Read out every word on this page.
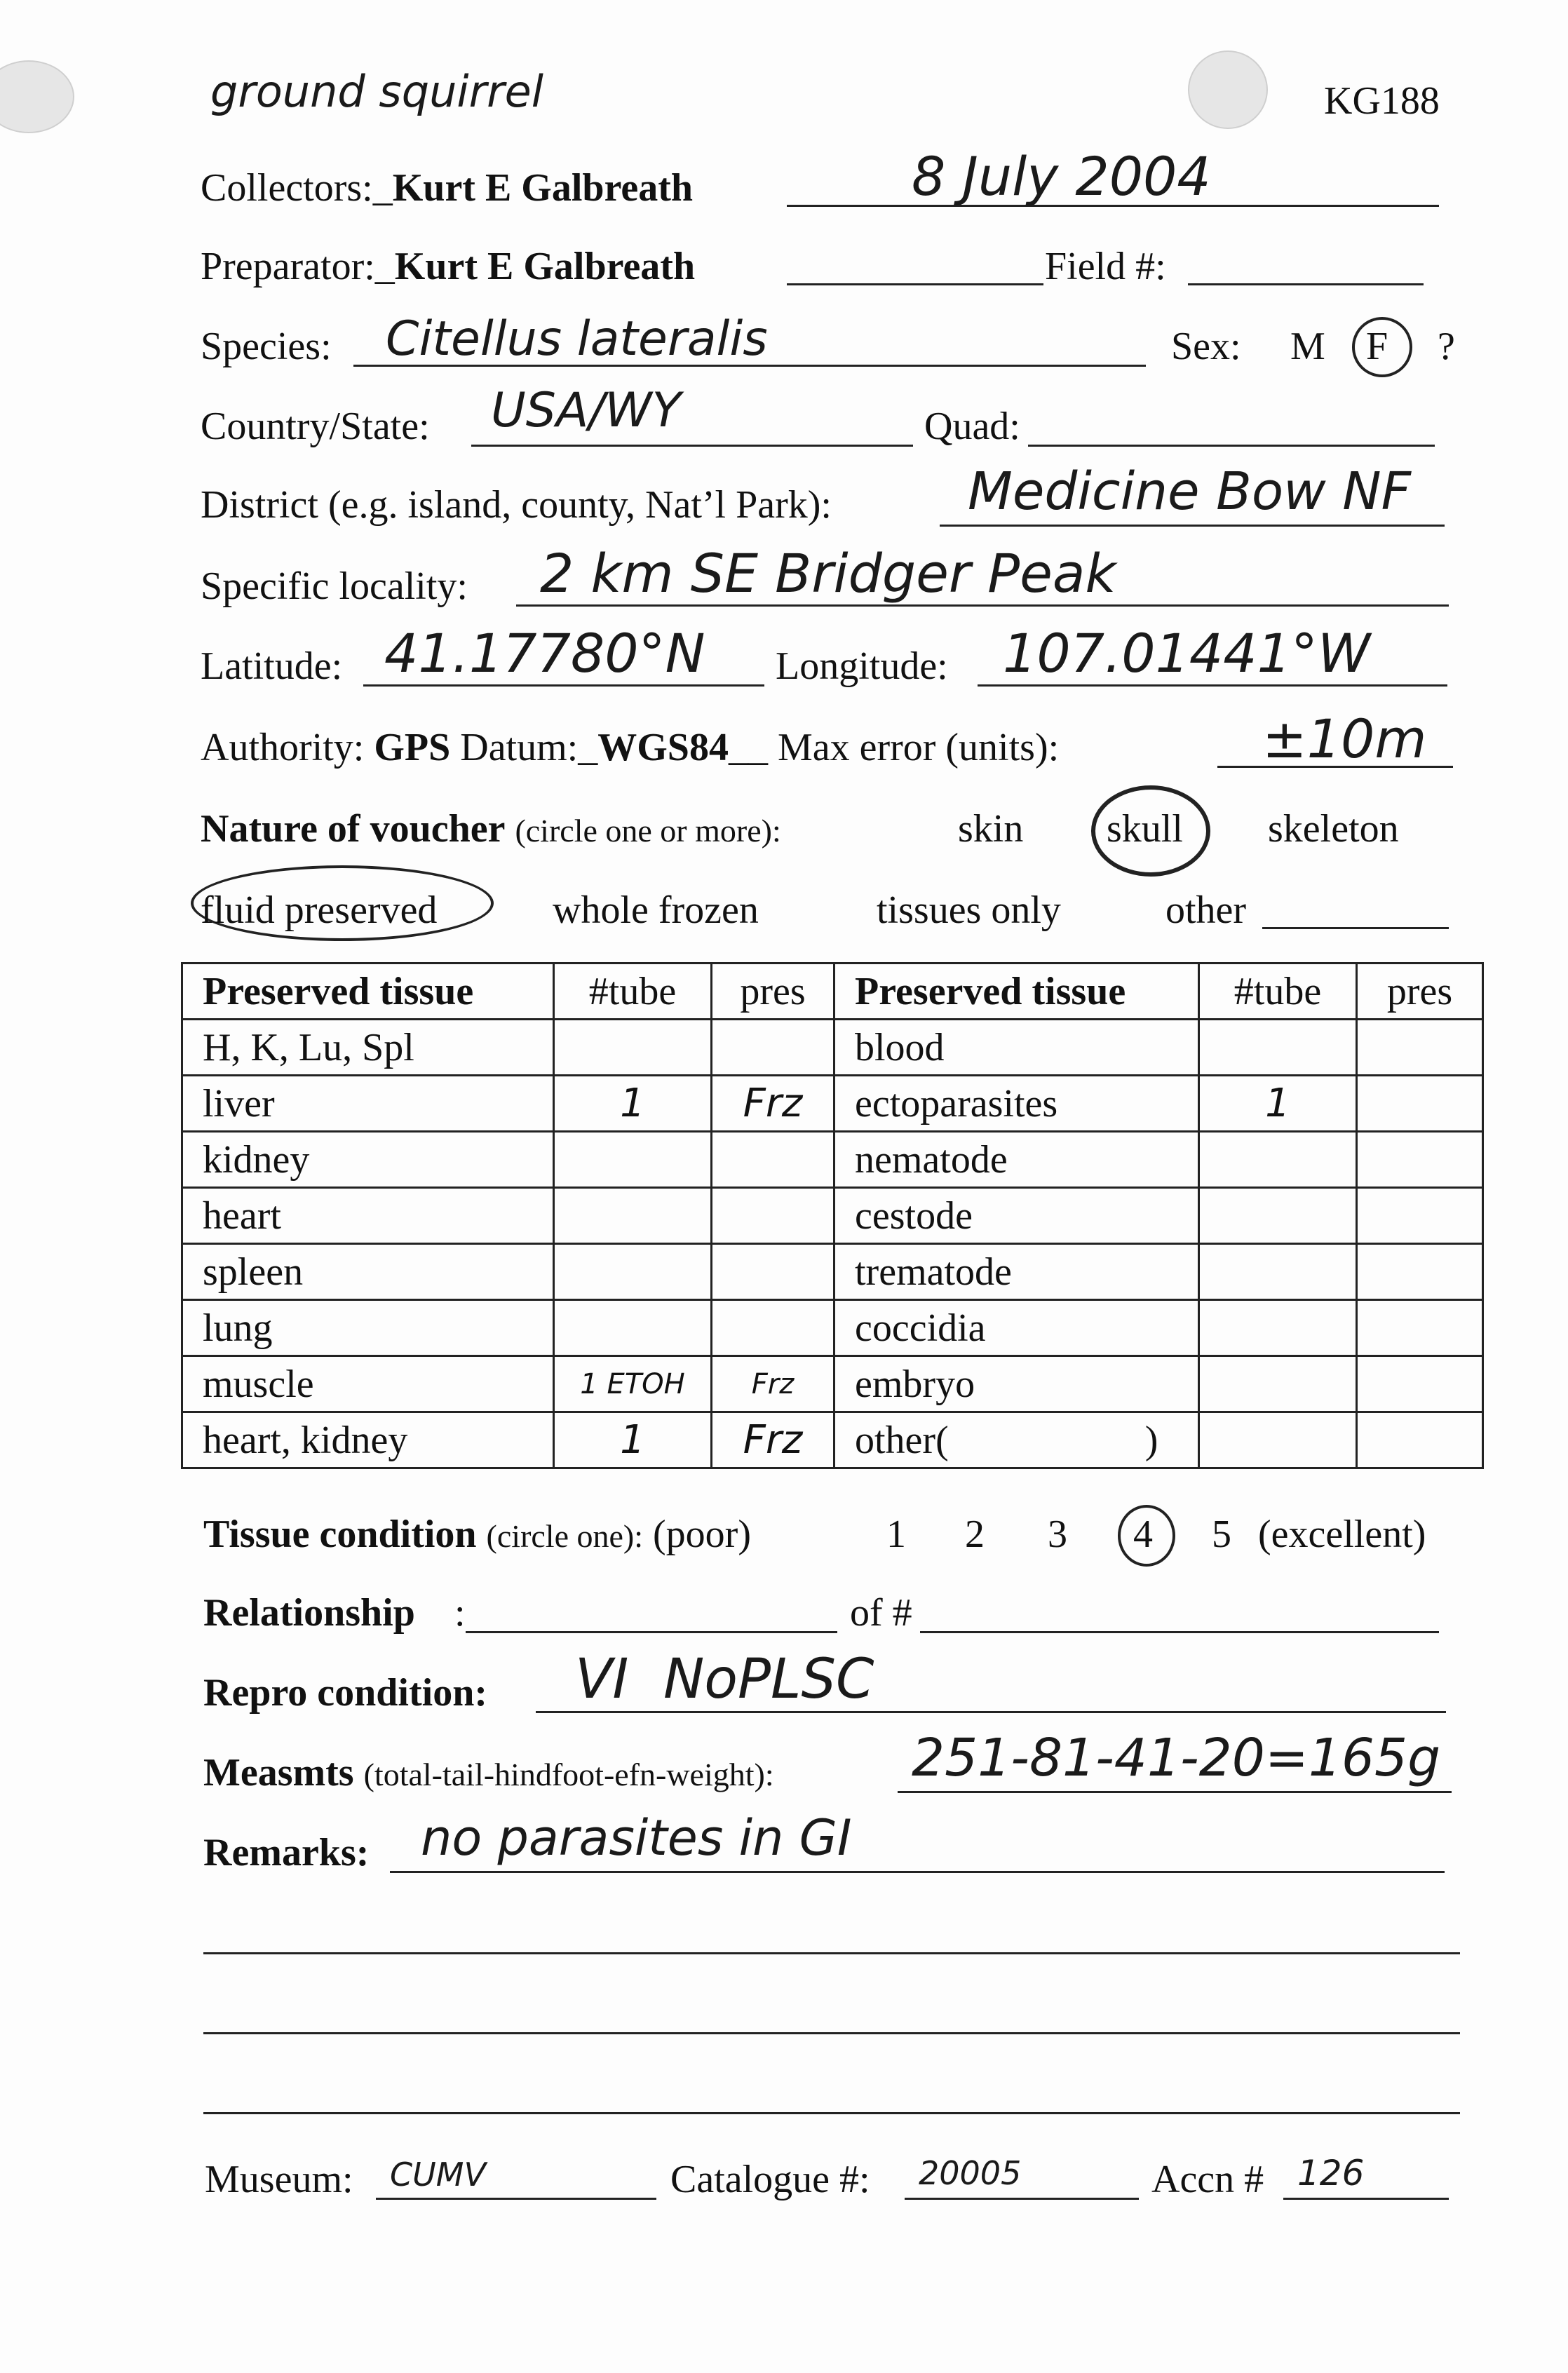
KG188
ground squirrel
Collectors:_Kurt E Galbreath	8 July 2004
Preparator:_Kurt E Galbreath	Field #:
Species: Citellus lateralis	Sex: M F ?
Country/State: USA/WY	Quad:
District (e.g. island, county, Nat’l Park):	Medicine Bow NF
Specific locality: 2 km SE Bridger Peak
Latitude: 41.17780°N Longitude: 107.01441°W
Authority: GPS Datum:_WGS84__ Max error (units):	±10m
Nature of voucher (circle one or more):	skin skull skeleton
fluid preserved	whole frozen	tissues only	other
Preserved tissue	#tube	pres	Preserved tissue	#tube	pres
H, K, Lu, Spl			blood		
liver	1	Frz	ectoparasites	1	
kidney			nematode		
heart			cestode		
spleen			trematode		
lung			coccidia		
muscle	1 ETOH	Frz	embryo		
heart, kidney	1	Frz	other(                    )		
Tissue condition (circle one): (poor)	1 2 3 4 5 (excellent)
Relationship :	of #
Repro condition: VI  NoPLSC
Measmts (total-tail-hindfoot-efn-weight):	251-81-41-20=165g
Remarks: no parasites in GI
Museum: CUMV	Catalogue #: 20005	Accn # 126
